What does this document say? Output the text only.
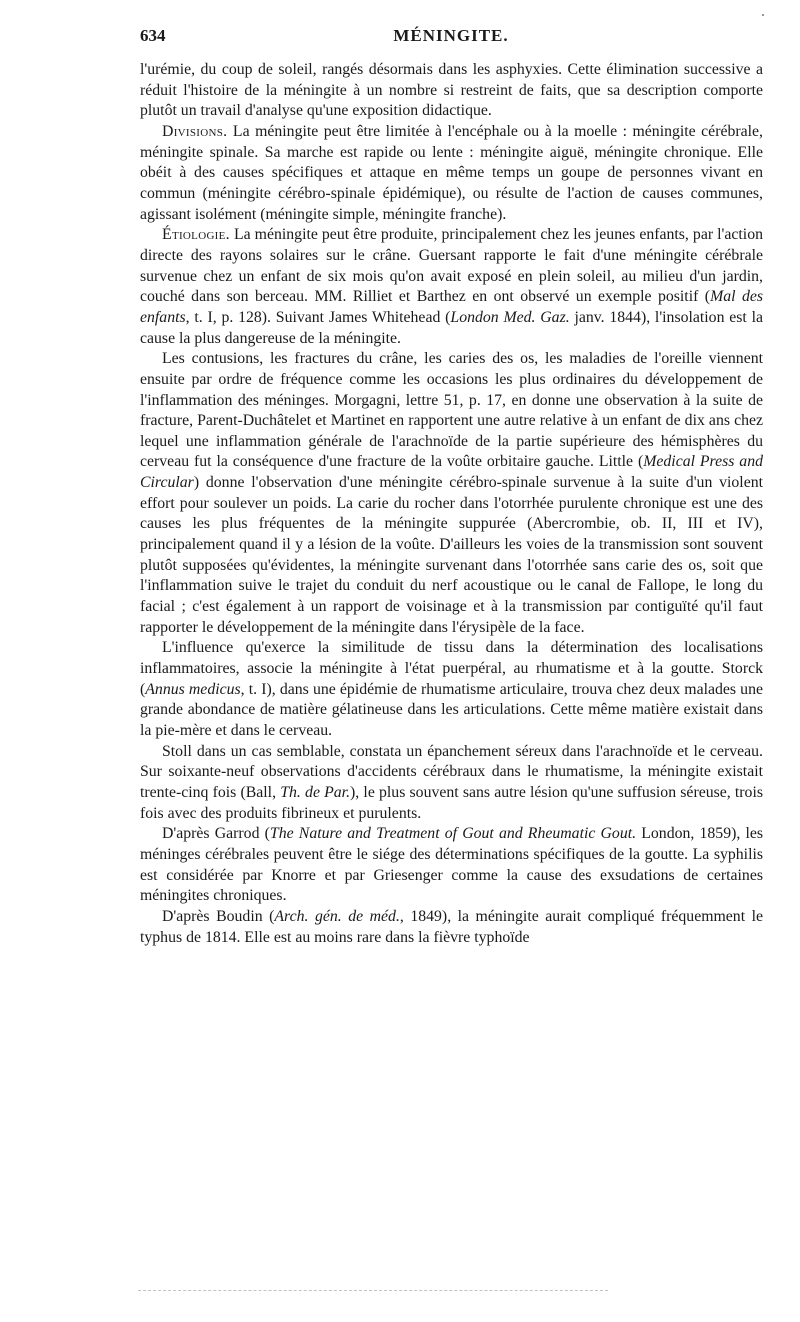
634	MÉNINGITE.

l'urémie, du coup de soleil, rangés désormais dans les asphyxies. Cette élimination successive a réduit l'histoire de la méningite à un nombre si restreint de faits, que sa description comporte plutôt un travail d'analyse qu'une exposition didactique.

Divisions. La méningite peut être limitée à l'encéphale ou à la moelle : méningite cérébrale, méningite spinale. Sa marche est rapide ou lente : méningite aiguë, méningite chronique. Elle obéit à des causes spécifiques et attaque en même temps un goupe de personnes vivant en commun (méningite cérébro-spinale épidémique), ou résulte de l'action de causes communes, agissant isolément (méningite simple, méningite franche).

Étiologie. La méningite peut être produite, principalement chez les jeunes enfants, par l'action directe des rayons solaires sur le crâne. Guersant rapporte le fait d'une méningite cérébrale survenue chez un enfant de six mois qu'on avait exposé en plein soleil, au milieu d'un jardin, couché dans son berceau. MM. Rilliet et Barthez en ont observé un exemple positif (Mal des enfants, t. I, p. 128). Suivant James Whitehead (London Med. Gaz. janv. 1844), l'insolation est la cause la plus dangereuse de la méningite.

Les contusions, les fractures du crâne, les caries des os, les maladies de l'oreille viennent ensuite par ordre de fréquence comme les occasions les plus ordinaires du développement de l'inflammation des méninges. Morgagni, lettre 51, p. 17, en donne une observation à la suite de fracture, Parent-Duchâtelet et Martinet en rapportent une autre relative à un enfant de dix ans chez lequel une inflammation générale de l'arachnoïde de la partie supérieure des hémisphères du cerveau fut la conséquence d'une fracture de la voûte orbitaire gauche. Little (Medical Press and Circular) donne l'observation d'une méningite cérébro-spinale survenue à la suite d'un violent effort pour soulever un poids. La carie du rocher dans l'otorrhée purulente chronique est une des causes les plus fréquentes de la méningite suppurée (Abercrombie, ob. II, III et IV), principalement quand il y a lésion de la voûte. D'ailleurs les voies de la transmission sont souvent plutôt supposées qu'évidentes, la méningite survenant dans l'otorrhée sans carie des os, soit que l'inflammation suive le trajet du conduit du nerf acoustique ou le canal de Fallope, le long du facial ; c'est également à un rapport de voisinage et à la transmission par contiguïté qu'il faut rapporter le développement de la méningite dans l'érysipèle de la face.

L'influence qu'exerce la similitude de tissu dans la détermination des localisations inflammatoires, associe la méningite à l'état puerpéral, au rhumatisme et à la goutte. Storck (Annus medicus, t. I), dans une épidémie de rhumatisme articulaire, trouva chez deux malades une grande abondance de matière gélatineuse dans les articulations. Cette même matière existait dans la pie-mère et dans le cerveau.

Stoll dans un cas semblable, constata un épanchement séreux dans l'arachnoïde et le cerveau. Sur soixante-neuf observations d'accidents cérébraux dans le rhumatisme, la méningite existait trente-cinq fois (Ball, Th. de Par.), le plus souvent sans autre lésion qu'une suffusion séreuse, trois fois avec des produits fibrineux et purulents.

D'après Garrod (The Nature and Treatment of Gout and Rheumatic Gout. London, 1859), les méninges cérébrales peuvent être le siége des déterminations spécifiques de la goutte. La syphilis est considérée par Knorre et par Griesenger comme la cause des exsudations de certaines méningites chroniques.

D'après Boudin (Arch. gén. de méd., 1849), la méningite aurait compliqué fréquemment le typhus de 1814. Elle est au moins rare dans la fièvre typhoïde
